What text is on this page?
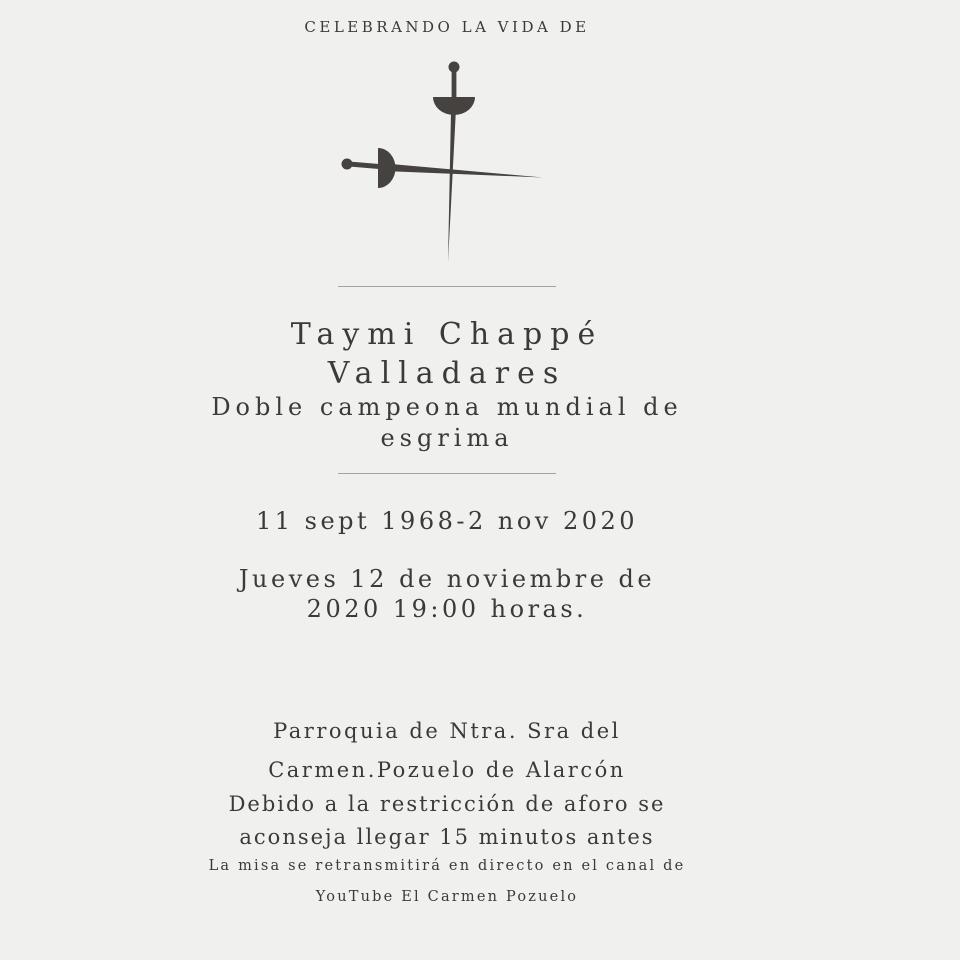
CELEBRANDO LA VIDA DE
Taymi Chappé
Valladares
Doble campeona mundial de
esgrima
11 sept 1968-2 nov 2020
Jueves 12 de noviembre de
2020 19:00 horas.
Parroquia de Ntra. Sra del
Carmen.Pozuelo de Alarcón
Debido a la restricción de aforo se
aconseja llegar 15 minutos antes
La misa se retransmitirá en directo en el canal de
YouTube El Carmen Pozuelo
